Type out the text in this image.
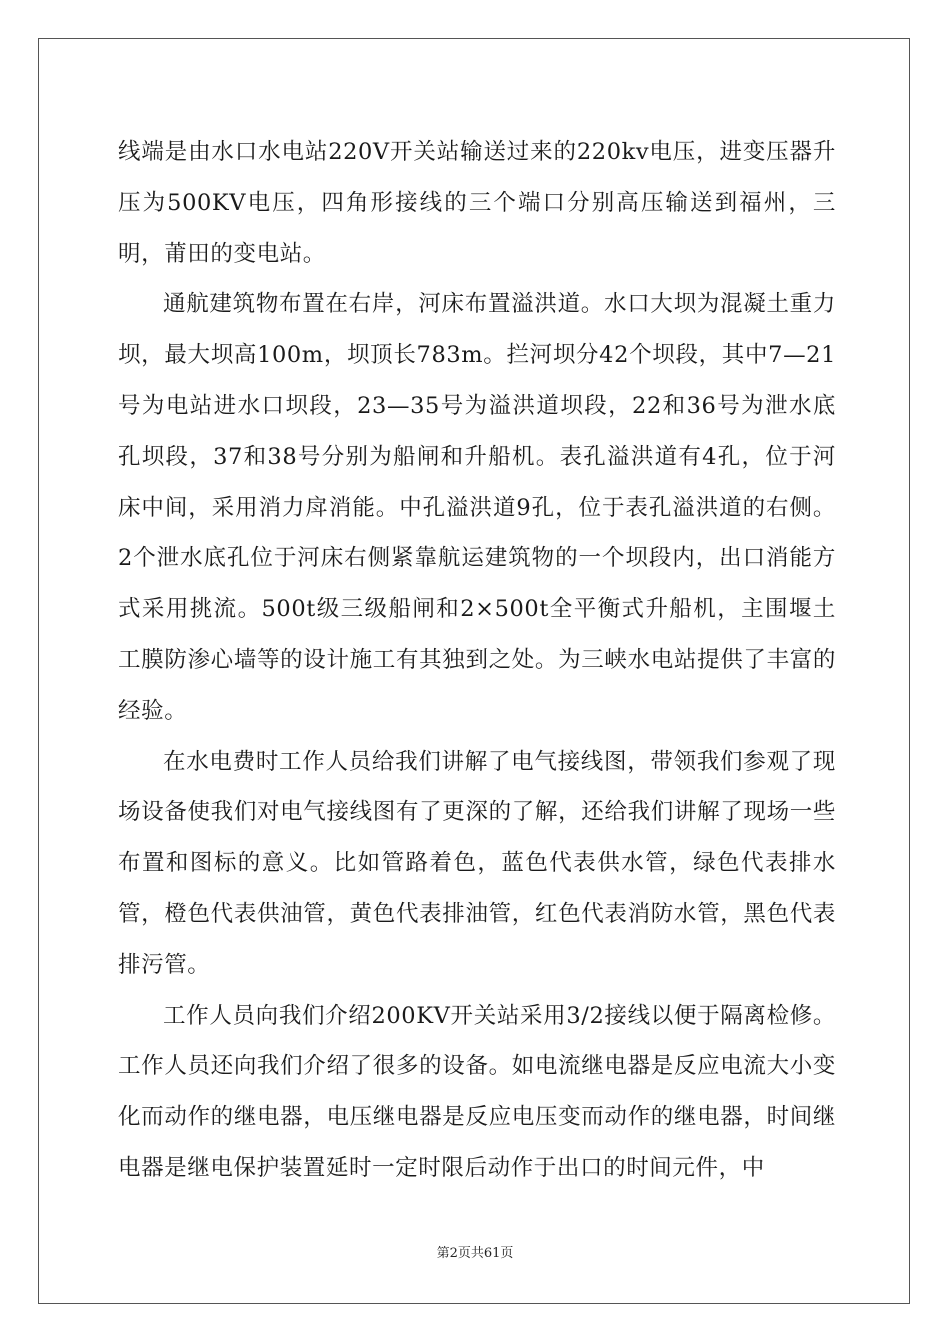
线端是由水口水电站220V开关站输送过来的220kv电压，进变压器升压为500KV电压，四角形接线的三个端口分别高压输送到福州，三明，莆田的变电站。

通航建筑物布置在右岸，河床布置溢洪道。水口大坝为混凝土重力坝，最大坝高100m，坝顶长783m。拦河坝分42个坝段，其中7—21号为电站进水口坝段，23—35号为溢洪道坝段，22和36号为泄水底孔坝段，37和38号分别为船闸和升船机。表孔溢洪道有4孔，位于河床中间，采用消力戽消能。中孔溢洪道9孔，位于表孔溢洪道的右侧。2个泄水底孔位于河床右侧紧靠航运建筑物的一个坝段内，出口消能方式采用挑流。500t级三级船闸和2×500t全平衡式升船机，主围堰土工膜防渗心墙等的设计施工有其独到之处。为三峡水电站提供了丰富的经验。

在水电费时工作人员给我们讲解了电气接线图，带领我们参观了现场设备使我们对电气接线图有了更深的了解，还给我们讲解了现场一些布置和图标的意义。比如管路着色，蓝色代表供水管，绿色代表排水管，橙色代表供油管，黄色代表排油管，红色代表消防水管，黑色代表排污管。

工作人员向我们介绍200KV开关站采用3/2接线以便于隔离检修。工作人员还向我们介绍了很多的设备。如电流继电器是反应电流大小变化而动作的继电器，电压继电器是反应电压变而动作的继电器，时间继电器是继电保护装置延时一定时限后动作于出口的时间元件，中

第2页共61页
